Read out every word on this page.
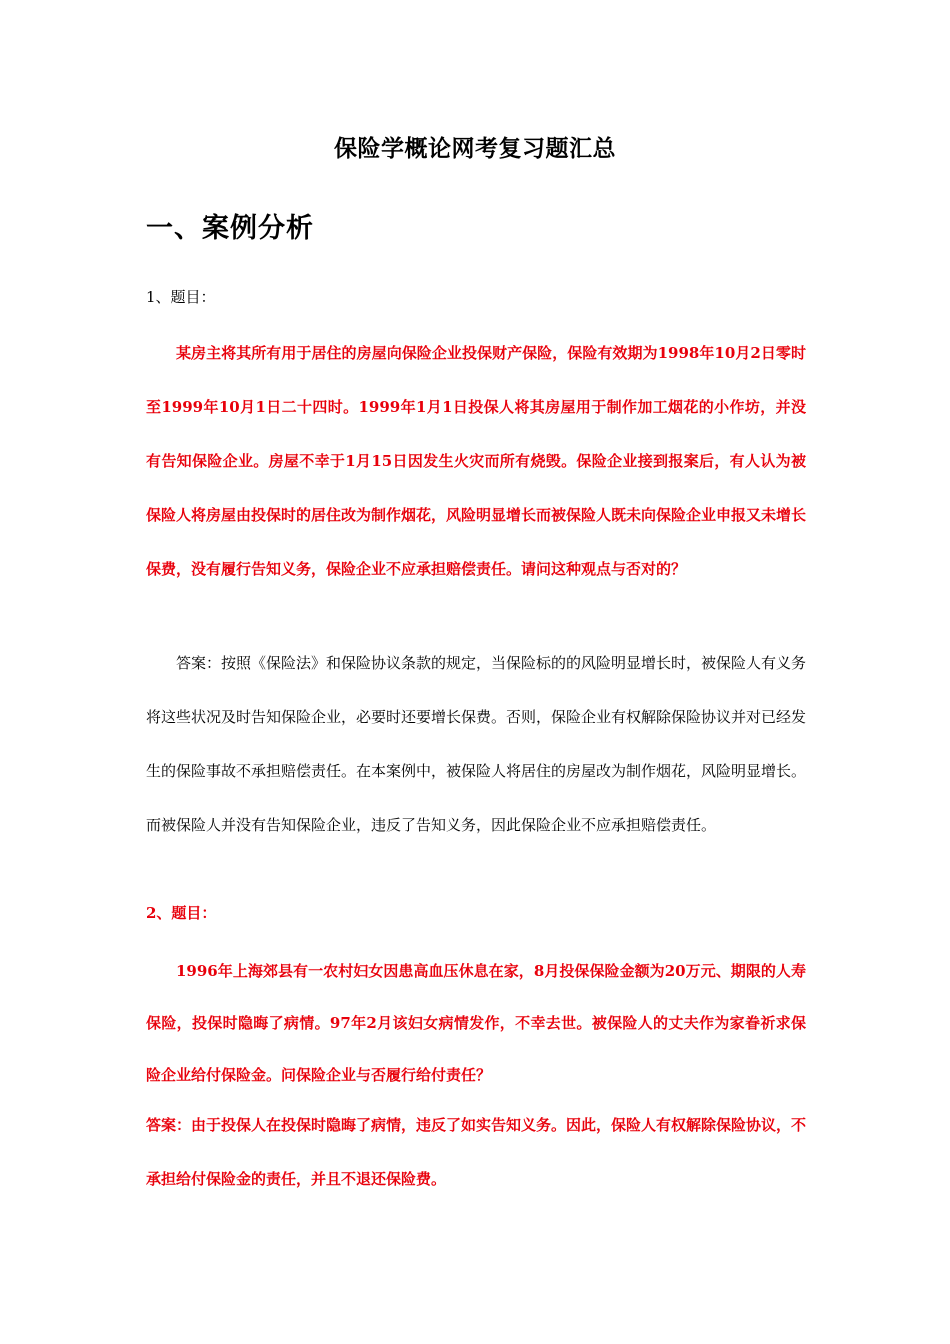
保险学概论网考复习题汇总
一、案例分析
1、题目：

某房主将其所有用于居住的房屋向保险企业投保财产保险，保险有效期为1998年10月2日零时至1999年10月1日二十四时。1999年1月1日投保人将其房屋用于制作加工烟花的小作坊，并没有告知保险企业。房屋不幸于1月15日因发生火灾而所有烧毁。保险企业接到报案后，有人认为被保险人将房屋由投保时的居住改为制作烟花，风险明显增长而被保险人既未向保险企业申报又未增长保费，没有履行告知义务，保险企业不应承担赔偿责任。请问这种观点与否对的？

答案：按照《保险法》和保险协议条款的规定，当保险标的的风险明显增长时，被保险人有义务将这些状况及时告知保险企业，必要时还要增长保费。否则，保险企业有权解除保险协议并对已经发生的保险事故不承担赔偿责任。在本案例中，被保险人将居住的房屋改为制作烟花，风险明显增长。而被保险人并没有告知保险企业，违反了告知义务，因此保险企业不应承担赔偿责任。

2、题目：

1996年上海郊县有一农村妇女因患高血压休息在家，8月投保保险金额为20万元、期限的人寿保险，投保时隐晦了病情。97年2月该妇女病情发作，不幸去世。被保险人的丈夫作为家眷祈求保险企业给付保险金。问保险企业与否履行给付责任？

答案：由于投保人在投保时隐晦了病情，违反了如实告知义务。因此，保险人有权解除保险协议，不承担给付保险金的责任，并且不退还保险费。
